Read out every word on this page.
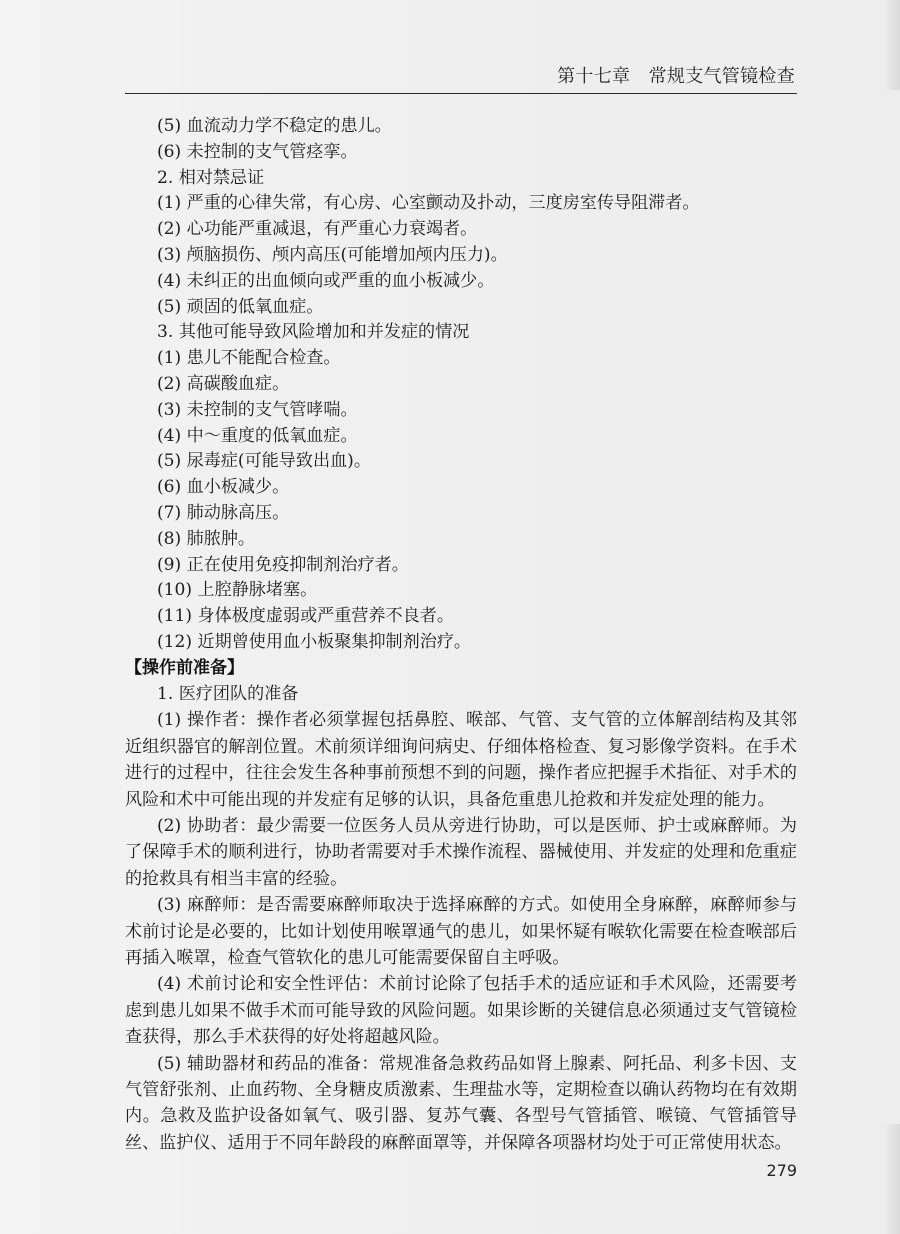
第十七章　常规支气管镜检查
(5) 血流动力学不稳定的患儿。
(6) 未控制的支气管痉挛。
2. 相对禁忌证
(1) 严重的心律失常，有心房、心室颤动及扑动，三度房室传导阻滞者。
(2) 心功能严重减退，有严重心力衰竭者。
(3) 颅脑损伤、颅内高压(可能增加颅内压力)。
(4) 未纠正的出血倾向或严重的血小板减少。
(5) 顽固的低氧血症。
3. 其他可能导致风险增加和并发症的情况
(1) 患儿不能配合检查。
(2) 高碳酸血症。
(3) 未控制的支气管哮喘。
(4) 中～重度的低氧血症。
(5) 尿毒症(可能导致出血)。
(6) 血小板减少。
(7) 肺动脉高压。
(8) 肺脓肿。
(9) 正在使用免疫抑制剂治疗者。
(10) 上腔静脉堵塞。
(11) 身体极度虚弱或严重营养不良者。
(12) 近期曾使用血小板聚集抑制剂治疗。
【操作前准备】
1. 医疗团队的准备

(1) 操作者：操作者必须掌握包括鼻腔、喉部、气管、支气管的立体解剖结构及其邻近组织器官的解剖位置。术前须详细询问病史、仔细体格检查、复习影像学资料。在手术进行的过程中，往往会发生各种事前预想不到的问题，操作者应把握手术指征、对手术的风险和术中可能出现的并发症有足够的认识，具备危重患儿抢救和并发症处理的能力。

(2) 协助者：最少需要一位医务人员从旁进行协助，可以是医师、护士或麻醉师。为了保障手术的顺利进行，协助者需要对手术操作流程、器械使用、并发症的处理和危重症的抢救具有相当丰富的经验。

(3) 麻醉师：是否需要麻醉师取决于选择麻醉的方式。如使用全身麻醉，麻醉师参与术前讨论是必要的，比如计划使用喉罩通气的患儿，如果怀疑有喉软化需要在检查喉部后再插入喉罩，检查气管软化的患儿可能需要保留自主呼吸。

(4) 术前讨论和安全性评估：术前讨论除了包括手术的适应证和手术风险，还需要考虑到患儿如果不做手术而可能导致的风险问题。如果诊断的关键信息必须通过支气管镜检查获得，那么手术获得的好处将超越风险。

(5) 辅助器材和药品的准备：常规准备急救药品如肾上腺素、阿托品、利多卡因、支气管舒张剂、止血药物、全身糖皮质激素、生理盐水等，定期检查以确认药物均在有效期内。急救及监护设备如氧气、吸引器、复苏气囊、各型号气管插管、喉镜、气管插管导丝、监护仪、适用于不同年龄段的麻醉面罩等，并保障各项器材均处于可正常使用状态。

279
